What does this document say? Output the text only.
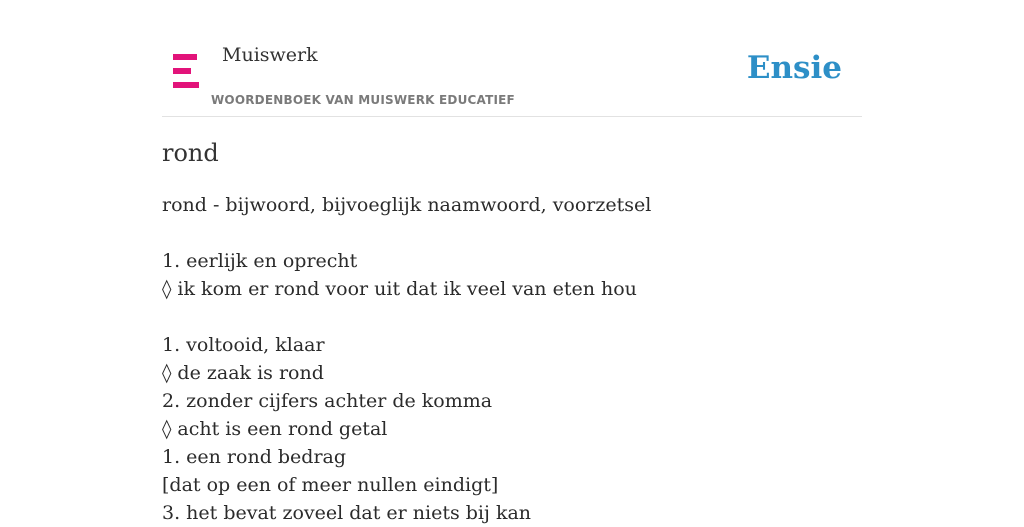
Muiswerk
WOORDENBOEK VAN MUISWERK EDUCATIEF
Ensie
rond
rond - bijwoord, bijvoeglijk naamwoord, voorzetsel
1. eerlijk en oprecht
◊ ik kom er rond voor uit dat ik veel van eten hou
1. voltooid, klaar
◊ de zaak is rond
2. zonder cijfers achter de komma
◊ acht is een rond getal
1. een rond bedrag
[dat op een of meer nullen eindigt]
3. het bevat zoveel dat er niets bij kan
